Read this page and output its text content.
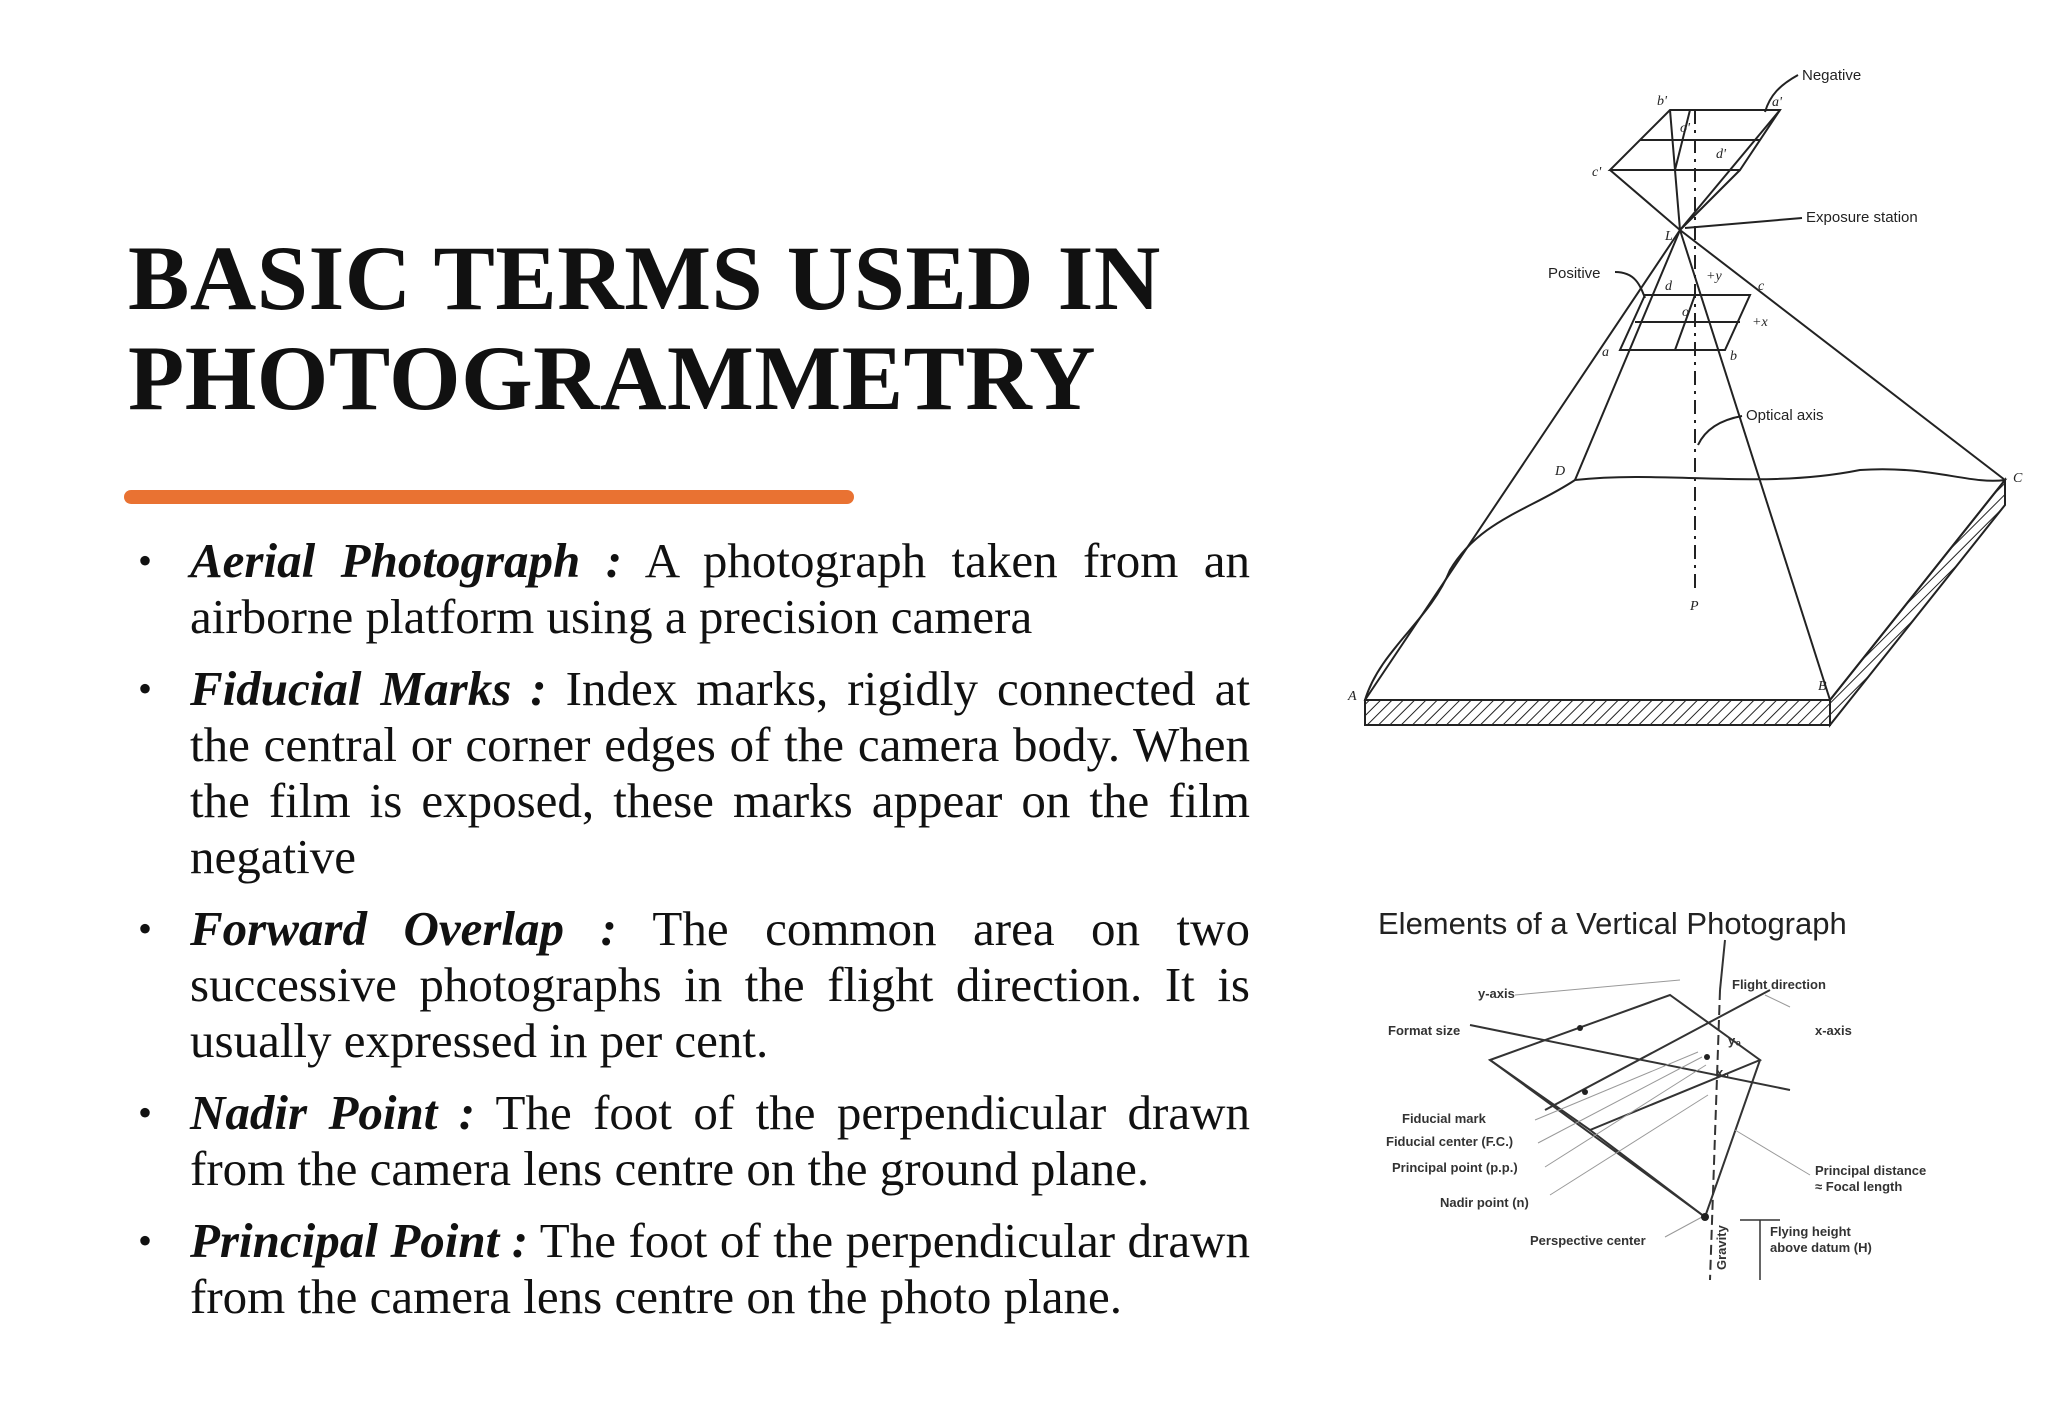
BASIC TERMS USED IN
PHOTOGRAMMETRY
• Aerial Photograph : A photograph taken from an airborne platform using a precision camera
• Fiducial Marks : Index marks, rigidly connected at the central or corner edges of the camera body. When the film is exposed, these marks appear on the film negative
• Forward Overlap : The common area on two successive photographs in the flight direction. It is usually expressed in per cent.
• Nadir Point : The foot of the perpendicular drawn from the camera lens centre on the ground plane.
• Principal Point : The foot of the perpendicular drawn from the camera lens centre on the photo plane.
Negative
Exposure station
Positive
Optical axis
b'	a'
o'
d'
c'
L
d
+y
c
o
+x
a	b
D	C
P
A
B
Elements of a Vertical Photograph
y-axis
Format size
Flight direction
x-axis
y₀
x₀
Fiducial mark
Fiducial center (F.C.)
Principal point (p.p.)
Nadir point (n)
Perspective center
Principal distance
≈ Focal length
Flying height
above datum (H)
Gravity
